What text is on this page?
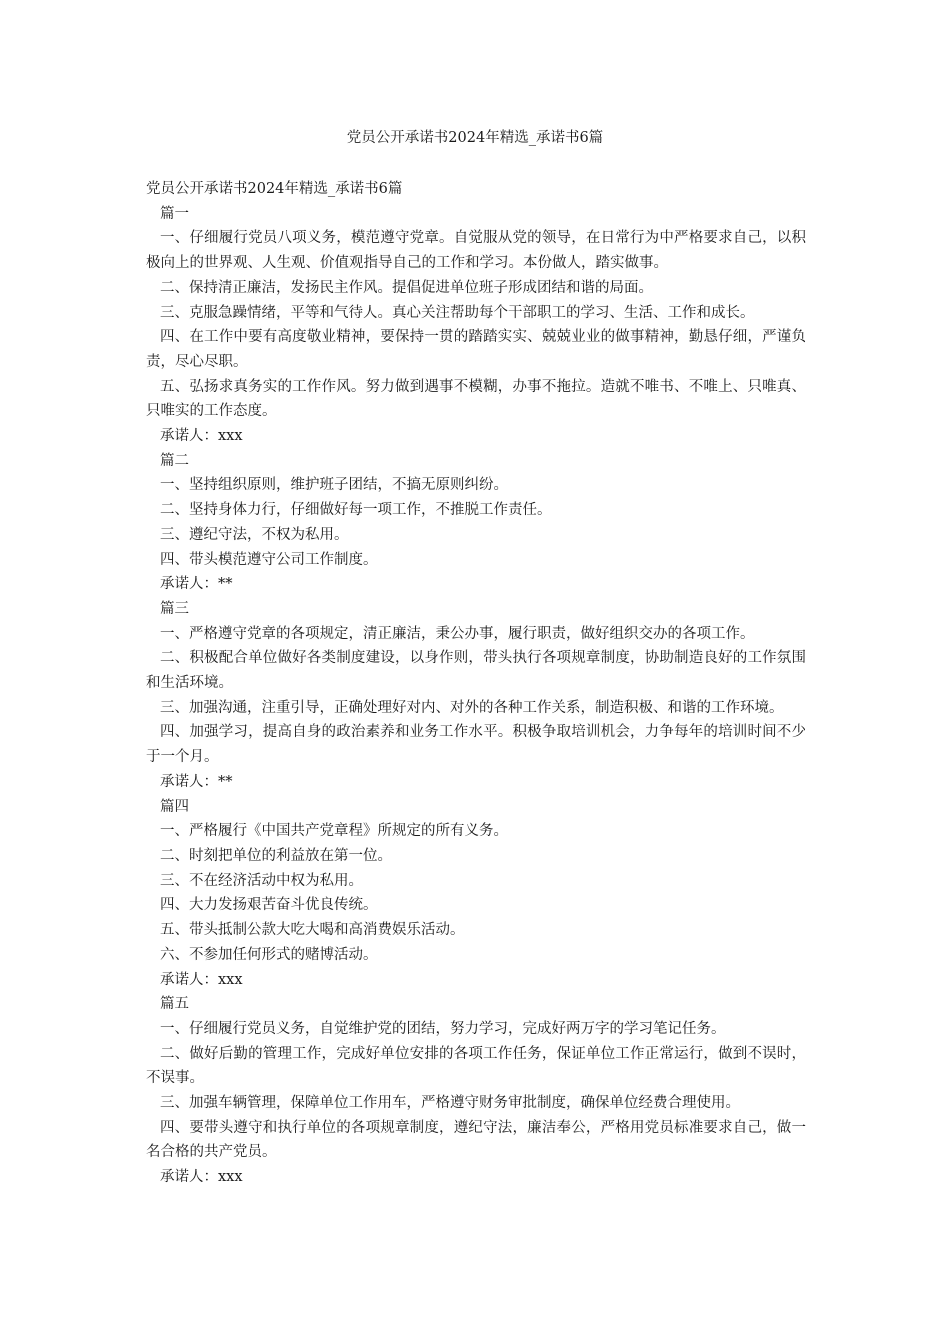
党员公开承诺书2024年精选_承诺书6篇

党员公开承诺书2024年精选_承诺书6篇

篇一

一、仔细履行党员八项义务，模范遵守党章。自觉服从党的领导，在日常行为中严格要求自己，以积极向上的世界观、人生观、价值观指导自己的工作和学习。本份做人，踏实做事。

二、保持清正廉洁，发扬民主作风。提倡促进单位班子形成团结和谐的局面。

三、克服急躁情绪，平等和气待人。真心关注帮助每个干部职工的学习、生活、工作和成长。

四、在工作中要有高度敬业精神，要保持一贯的踏踏实实、兢兢业业的做事精神，勤恳仔细，严谨负责，尽心尽职。

五、弘扬求真务实的工作作风。努力做到遇事不模糊，办事不拖拉。造就不唯书、不唯上、只唯真、只唯实的工作态度。

承诺人：xxx

篇二

一、坚持组织原则，维护班子团结，不搞无原则纠纷。

二、坚持身体力行，仔细做好每一项工作，不推脱工作责任。

三、遵纪守法，不权为私用。

四、带头模范遵守公司工作制度。

承诺人：**

篇三

一、严格遵守党章的各项规定，清正廉洁，秉公办事，履行职责，做好组织交办的各项工作。

二、积极配合单位做好各类制度建设，以身作则，带头执行各项规章制度，协助制造良好的工作氛围和生活环境。

三、加强沟通，注重引导，正确处理好对内、对外的各种工作关系，制造积极、和谐的工作环境。

四、加强学习，提高自身的政治素养和业务工作水平。积极争取培训机会，力争每年的培训时间不少于一个月。

承诺人：**

篇四

一、严格履行《中国共产党章程》所规定的所有义务。

二、时刻把单位的利益放在第一位。

三、不在经济活动中权为私用。

四、大力发扬艰苦奋斗优良传统。

五、带头抵制公款大吃大喝和高消费娱乐活动。

六、不参加任何形式的赌博活动。

承诺人：xxx

篇五

一、仔细履行党员义务，自觉维护党的团结，努力学习，完成好两万字的学习笔记任务。

二、做好后勤的管理工作，完成好单位安排的各项工作任务，保证单位工作正常运行，做到不误时，不误事。

三、加强车辆管理，保障单位工作用车，严格遵守财务审批制度，确保单位经费合理使用。

四、要带头遵守和执行单位的各项规章制度，遵纪守法，廉洁奉公，严格用党员标准要求自己，做一名合格的共产党员。

承诺人：xxx
